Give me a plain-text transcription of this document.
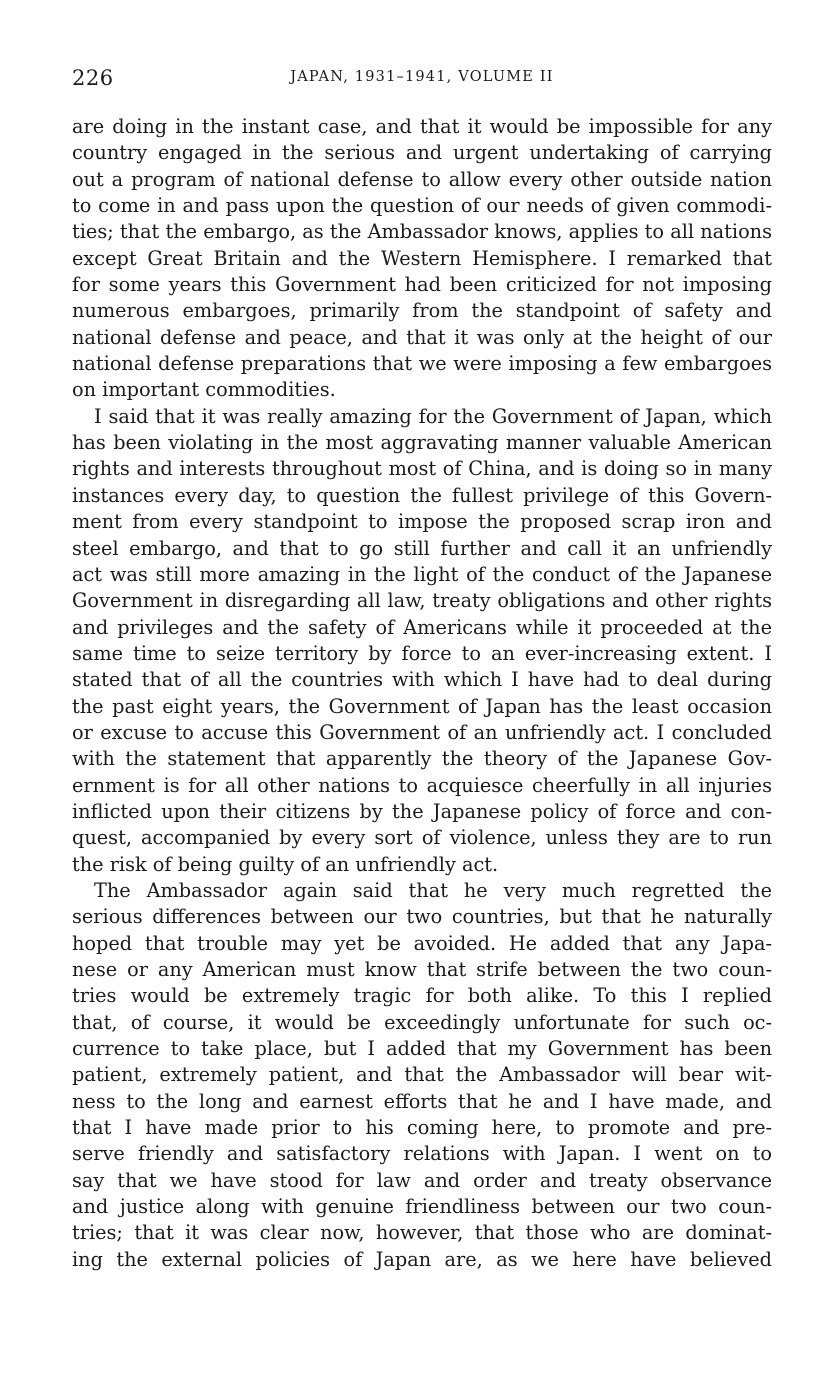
226	JAPAN, 1931–1941, VOLUME II
are doing in the instant case, and that it would be impossible for any
country engaged in the serious and urgent undertaking of carrying
out a program of national defense to allow every other outside nation
to come in and pass upon the question of our needs of given commodi-
ties; that the embargo, as the Ambassador knows, applies to all nations
except Great Britain and the Western Hemisphere. I remarked that
for some years this Government had been criticized for not imposing
numerous embargoes, primarily from the standpoint of safety and
national defense and peace, and that it was only at the height of our
national defense preparations that we were imposing a few embargoes
on important commodities.
I said that it was really amazing for the Government of Japan, which
has been violating in the most aggravating manner valuable American
rights and interests throughout most of China, and is doing so in many
instances every day, to question the fullest privilege of this Govern-
ment from every standpoint to impose the proposed scrap iron and
steel embargo, and that to go still further and call it an unfriendly
act was still more amazing in the light of the conduct of the Japanese
Government in disregarding all law, treaty obligations and other rights
and privileges and the safety of Americans while it proceeded at the
same time to seize territory by force to an ever-increasing extent. I
stated that of all the countries with which I have had to deal during
the past eight years, the Government of Japan has the least occasion
or excuse to accuse this Government of an unfriendly act. I concluded
with the statement that apparently the theory of the Japanese Gov-
ernment is for all other nations to acquiesce cheerfully in all injuries
inflicted upon their citizens by the Japanese policy of force and con-
quest, accompanied by every sort of violence, unless they are to run
the risk of being guilty of an unfriendly act.
The Ambassador again said that he very much regretted the
serious differences between our two countries, but that he naturally
hoped that trouble may yet be avoided. He added that any Japa-
nese or any American must know that strife between the two coun-
tries would be extremely tragic for both alike. To this I replied
that, of course, it would be exceedingly unfortunate for such oc-
currence to take place, but I added that my Government has been
patient, extremely patient, and that the Ambassador will bear wit-
ness to the long and earnest efforts that he and I have made, and
that I have made prior to his coming here, to promote and pre-
serve friendly and satisfactory relations with Japan. I went on to
say that we have stood for law and order and treaty observance
and justice along with genuine friendliness between our two coun-
tries; that it was clear now, however, that those who are dominat-
ing the external policies of Japan are, as we here have believed
